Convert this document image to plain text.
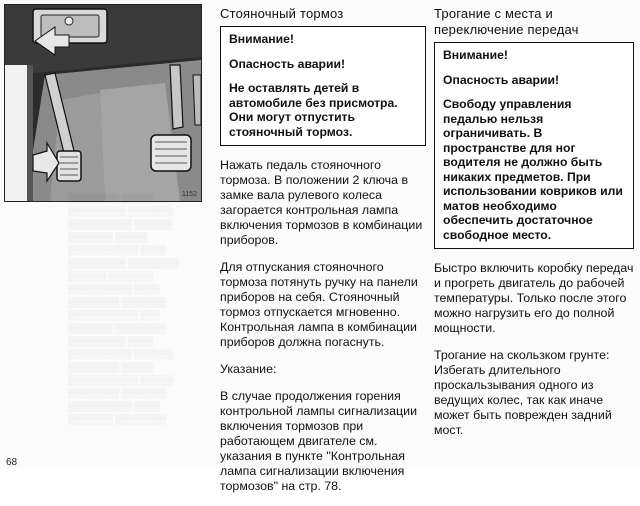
1152
▒▒▒▒▒▒▒▒ ▒▒▒▒▒
▒▒▒▒▒▒▒▒▒ ▒▒▒▒▒▒▒
▒▒▒▒▒▒▒▒▒▒ ▒▒▒▒▒▒
▒▒▒▒▒▒▒ ▒▒▒▒▒
▒▒▒▒▒▒▒▒▒▒▒ ▒▒▒▒
▒▒▒▒▒▒▒▒▒ ▒▒▒▒▒▒▒▒
▒▒▒▒▒▒ ▒▒▒▒▒▒▒
▒▒▒▒▒▒▒▒▒▒ ▒▒▒▒
▒▒▒▒▒▒▒▒ ▒▒▒▒▒▒▒
▒▒▒▒▒▒▒▒▒▒▒ ▒▒▒
▒▒▒▒▒▒▒ ▒▒▒▒▒▒▒▒
▒▒▒▒▒▒▒▒▒ ▒▒▒▒
▒▒▒▒▒▒▒▒▒▒ ▒▒▒▒▒▒
▒▒▒▒▒▒▒▒ ▒▒▒▒▒
▒▒▒▒▒▒▒▒▒▒▒ ▒▒▒▒▒
▒▒▒▒▒▒▒▒ ▒▒▒▒▒▒▒
▒▒▒▒▒▒▒▒▒▒ ▒▒▒▒
▒▒▒▒▒▒▒ ▒▒▒▒▒▒▒▒
Стояночный тормоз
Внимание!
Опасность аварии!
Не оставлять детей в автомобиле без присмотра. Они могут отпустить стояночный тормоз.

Нажать педаль стояночного тормоза. В положении 2 ключа в замке вала рулевого колеса загорается контрольная лампа включения тормозов в комбинации приборов.

Для отпускания стояночного тормоза потянуть ручку на панели приборов на себя. Стояночный тормоз отпускается мгновенно. Контрольная лампа в комбинации приборов должна погаснуть.

Указание:

В случае продолжения горения контрольной лампы сигнализации включения тормозов при работающем двигателе см. указания в пункте "Контрольная лампа сигнализации включения тормозов" на стр. 78.

Трогание с места и переключение передач
Внимание!
Опасность аварии!
Свободу управления педалью нельзя ограничивать. В пространстве для ног водителя не должно быть никаких предметов. При использовании ковриков или матов необходимо обеспечить достаточное свободное место.

Быстро включить коробку передач и прогреть двигатель до рабочей температуры. Только после этого можно нагрузить его до полной мощности.

Трогание на скользком грунте: Избегать длительного проскальзывания одного из ведущих колес, так как иначе может быть поврежден задний мост.

68
